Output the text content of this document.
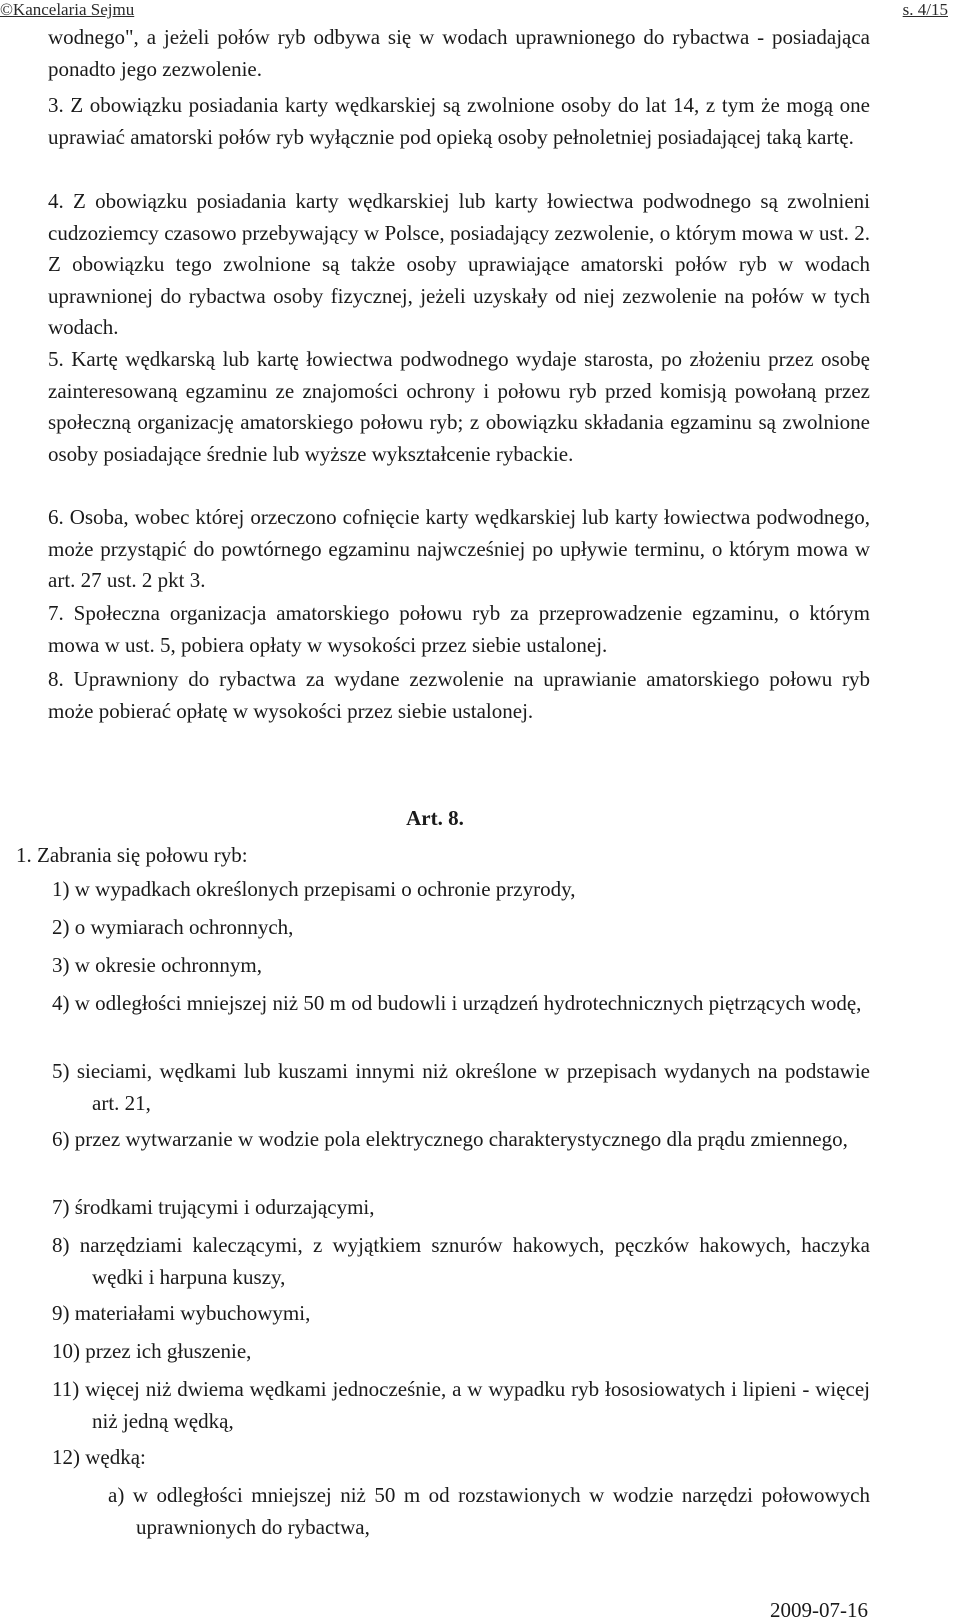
©Kancelaria Sejmu	s. 4/15
wodnego", a jeżeli połów ryb odbywa się w wodach uprawnionego do rybactwa - posiadająca ponadto jego zezwolenie.
3. Z obowiązku posiadania karty wędkarskiej są zwolnione osoby do lat 14, z tym że mogą one uprawiać amatorski połów ryb wyłącznie pod opieką osoby pełnoletniej posiadającej taką kartę.
4. Z obowiązku posiadania karty wędkarskiej lub karty łowiectwa podwodnego są zwolnieni cudzoziemcy czasowo przebywający w Polsce, posiadający zezwolenie, o którym mowa w ust. 2. Z obowiązku tego zwolnione są także osoby uprawiające amatorski połów ryb w wodach uprawnionej do rybactwa osoby fizycznej, jeżeli uzyskały od niej zezwolenie na połów w tych wodach.
5. Kartę wędkarską lub kartę łowiectwa podwodnego wydaje starosta, po złożeniu przez osobę zainteresowaną egzaminu ze znajomości ochrony i połowu ryb przed komisją powołaną przez społeczną organizację amatorskiego połowu ryb; z obowiązku składania egzaminu są zwolnione osoby posiadające średnie lub wyższe wykształcenie rybackie.
6. Osoba, wobec której orzeczono cofnięcie karty wędkarskiej lub karty łowiectwa podwodnego, może przystąpić do powtórnego egzaminu najwcześniej po upływie terminu, o którym mowa w art. 27 ust. 2 pkt 3.
7. Społeczna organizacja amatorskiego połowu ryb za przeprowadzenie egzaminu, o którym mowa w ust. 5, pobiera opłaty w wysokości przez siebie ustalonej.
8. Uprawniony do rybactwa za wydane zezwolenie na uprawianie amatorskiego połowu ryb może pobierać opłatę w wysokości przez siebie ustalonej.
Art. 8.
1. Zabrania się połowu ryb:
1) w wypadkach określonych przepisami o ochronie przyrody,
2) o wymiarach ochronnych,
3) w okresie ochronnym,
4) w odległości mniejszej niż 50 m od budowli i urządzeń hydrotechnicznych piętrzących wodę,
5) sieciami, wędkami lub kuszami innymi niż określone w przepisach wydanych na podstawie art. 21,
6) przez wytwarzanie w wodzie pola elektrycznego charakterystycznego dla prądu zmiennego,
7) środkami trującymi i odurzającymi,
8) narzędziami kaleczącymi, z wyjątkiem sznurów hakowych, pęczków hakowych, haczyka wędki i harpuna kuszy,
9) materiałami wybuchowymi,
10) przez ich głuszenie,
11) więcej niż dwiema wędkami jednocześnie, a w wypadku ryb łososiowatych i lipieni - więcej niż jedną wędką,
12) wędką:
a) w odległości mniejszej niż 50 m od rozstawionych w wodzie narzędzi połowowych uprawnionych do rybactwa,
2009-07-16
